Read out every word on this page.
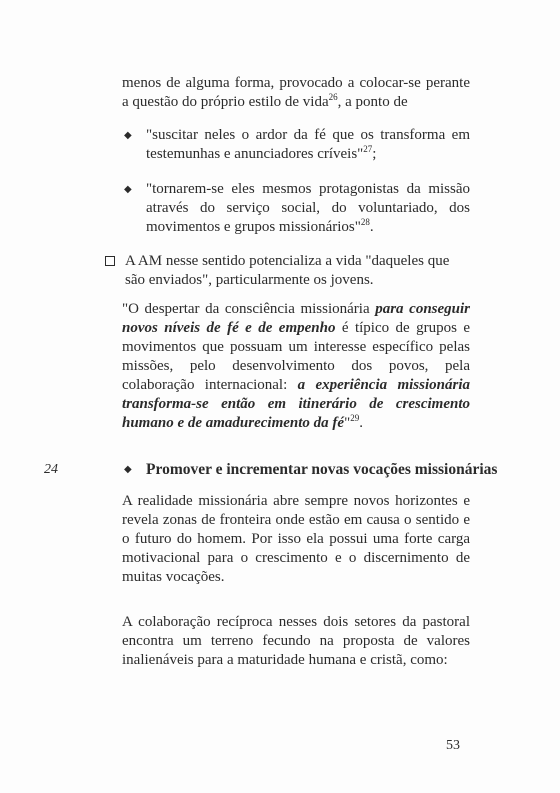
menos de alguma forma, provocado a colocar-se perante a questão do próprio estilo de vida$^{26}$, a ponto de
◆ "suscitar neles o ardor da fé que os transforma em testemunhas e anunciadores críveis"$^{27}$;
◆ "tornarem-se eles mesmos protagonistas da missão através do serviço social, do voluntariado, dos movimentos e grupos missionários"$^{28}$.
A AM nesse sentido potencializa a vida "daqueles que são enviados", particularmente os jovens.
"O despertar da consciência missionária para conseguir novos níveis de fé e de empenho é típico de grupos e movimentos que possuam um interesse específico pelas missões, pelo desenvolvimento dos povos, pela colaboração internacional: a experiência missionária transforma-se então em itinerário de crescimento humano e de amadurecimento da fé"$^{29}$.
24	◆ Promover e incrementar novas vocações missionárias
A realidade missionária abre sempre novos horizontes e revela zonas de fronteira onde estão em causa o sentido e o futuro do homem. Por isso ela possui uma forte carga motivacional para o crescimento e o discernimento de muitas vocações.
A colaboração recíproca nesses dois setores da pastoral encontra um terreno fecundo na proposta de valores inalienáveis para a maturidade humana e cristã, como:
53
